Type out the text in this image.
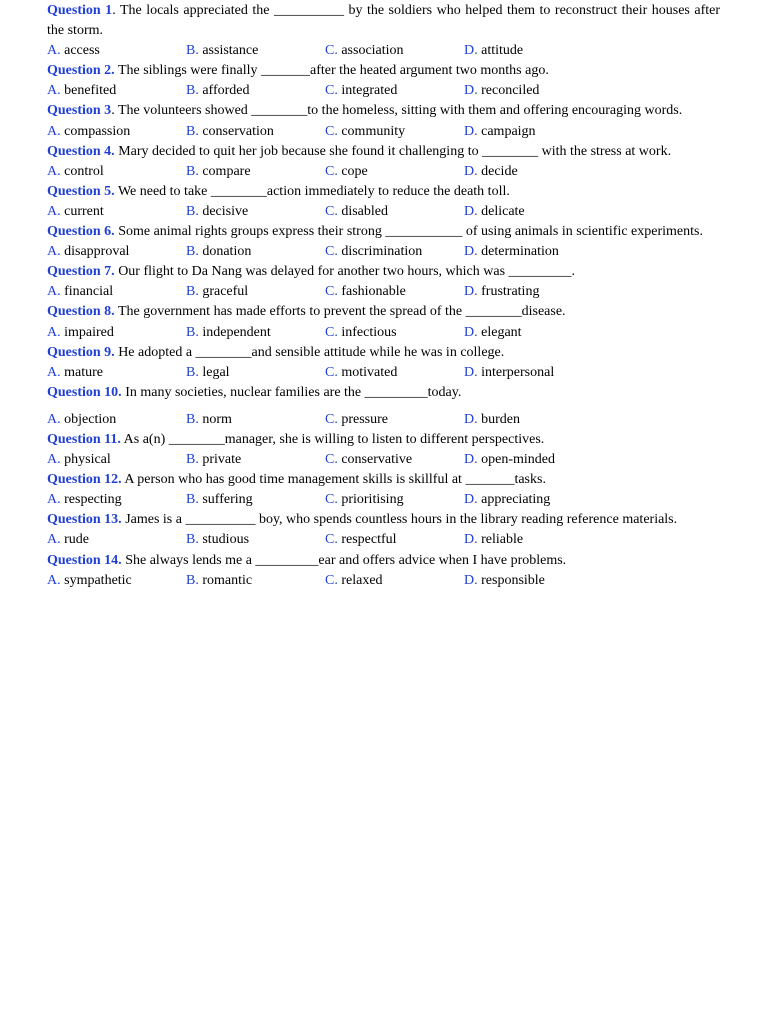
Question 1. The locals appreciated the __________ by the soldiers who helped them to reconstruct their houses after the storm.

A. access	B. assistance	C. association	D. attitude

Question 2. The siblings were finally _______after the heated argument two months ago.

A. benefited	B. afforded	C. integrated	D. reconciled

Question 3. The volunteers showed ________to the homeless, sitting with them and offering encouraging words.

A. compassion	B. conservation	C. community	D. campaign

Question 4. Mary decided to quit her job because she found it challenging to ________ with the stress at work.

A. control	B. compare	C. cope	D. decide

Question 5. We need to take ________action immediately to reduce the death toll.

A. current	B. decisive	C. disabled	D. delicate

Question 6. Some animal rights groups express their strong ___________ of using animals in scientific experiments.

A. disapproval	B. donation	C. discrimination	D. determination

Question 7. Our flight to Da Nang was delayed for another two hours, which was _________.

A. financial	B. graceful	C. fashionable	D. frustrating

Question 8. The government has made efforts to prevent the spread of the ________disease.

A. impaired	B. independent	C. infectious	D. elegant

Question 9. He adopted a ________and sensible attitude while he was in college.

A. mature	B. legal	C. motivated	D. interpersonal

Question 10. In many societies, nuclear families are the _________today.

A. objection	B. norm	C. pressure	D. burden

Question 11. As a(n) ________manager, she is willing to listen to different perspectives.

A. physical	B. private	C. conservative	D. open-minded

Question 12. A person who has good time management skills is skillful at _______tasks.

A. respecting	B. suffering	C. prioritising	D. appreciating

Question 13. James is a __________ boy, who spends countless hours in the library reading reference materials.

A. rude	B. studious	C. respectful	D. reliable

Question 14. She always lends me a _________ear and offers advice when I have problems.

A. sympathetic	B. romantic	C. relaxed	D. responsible
